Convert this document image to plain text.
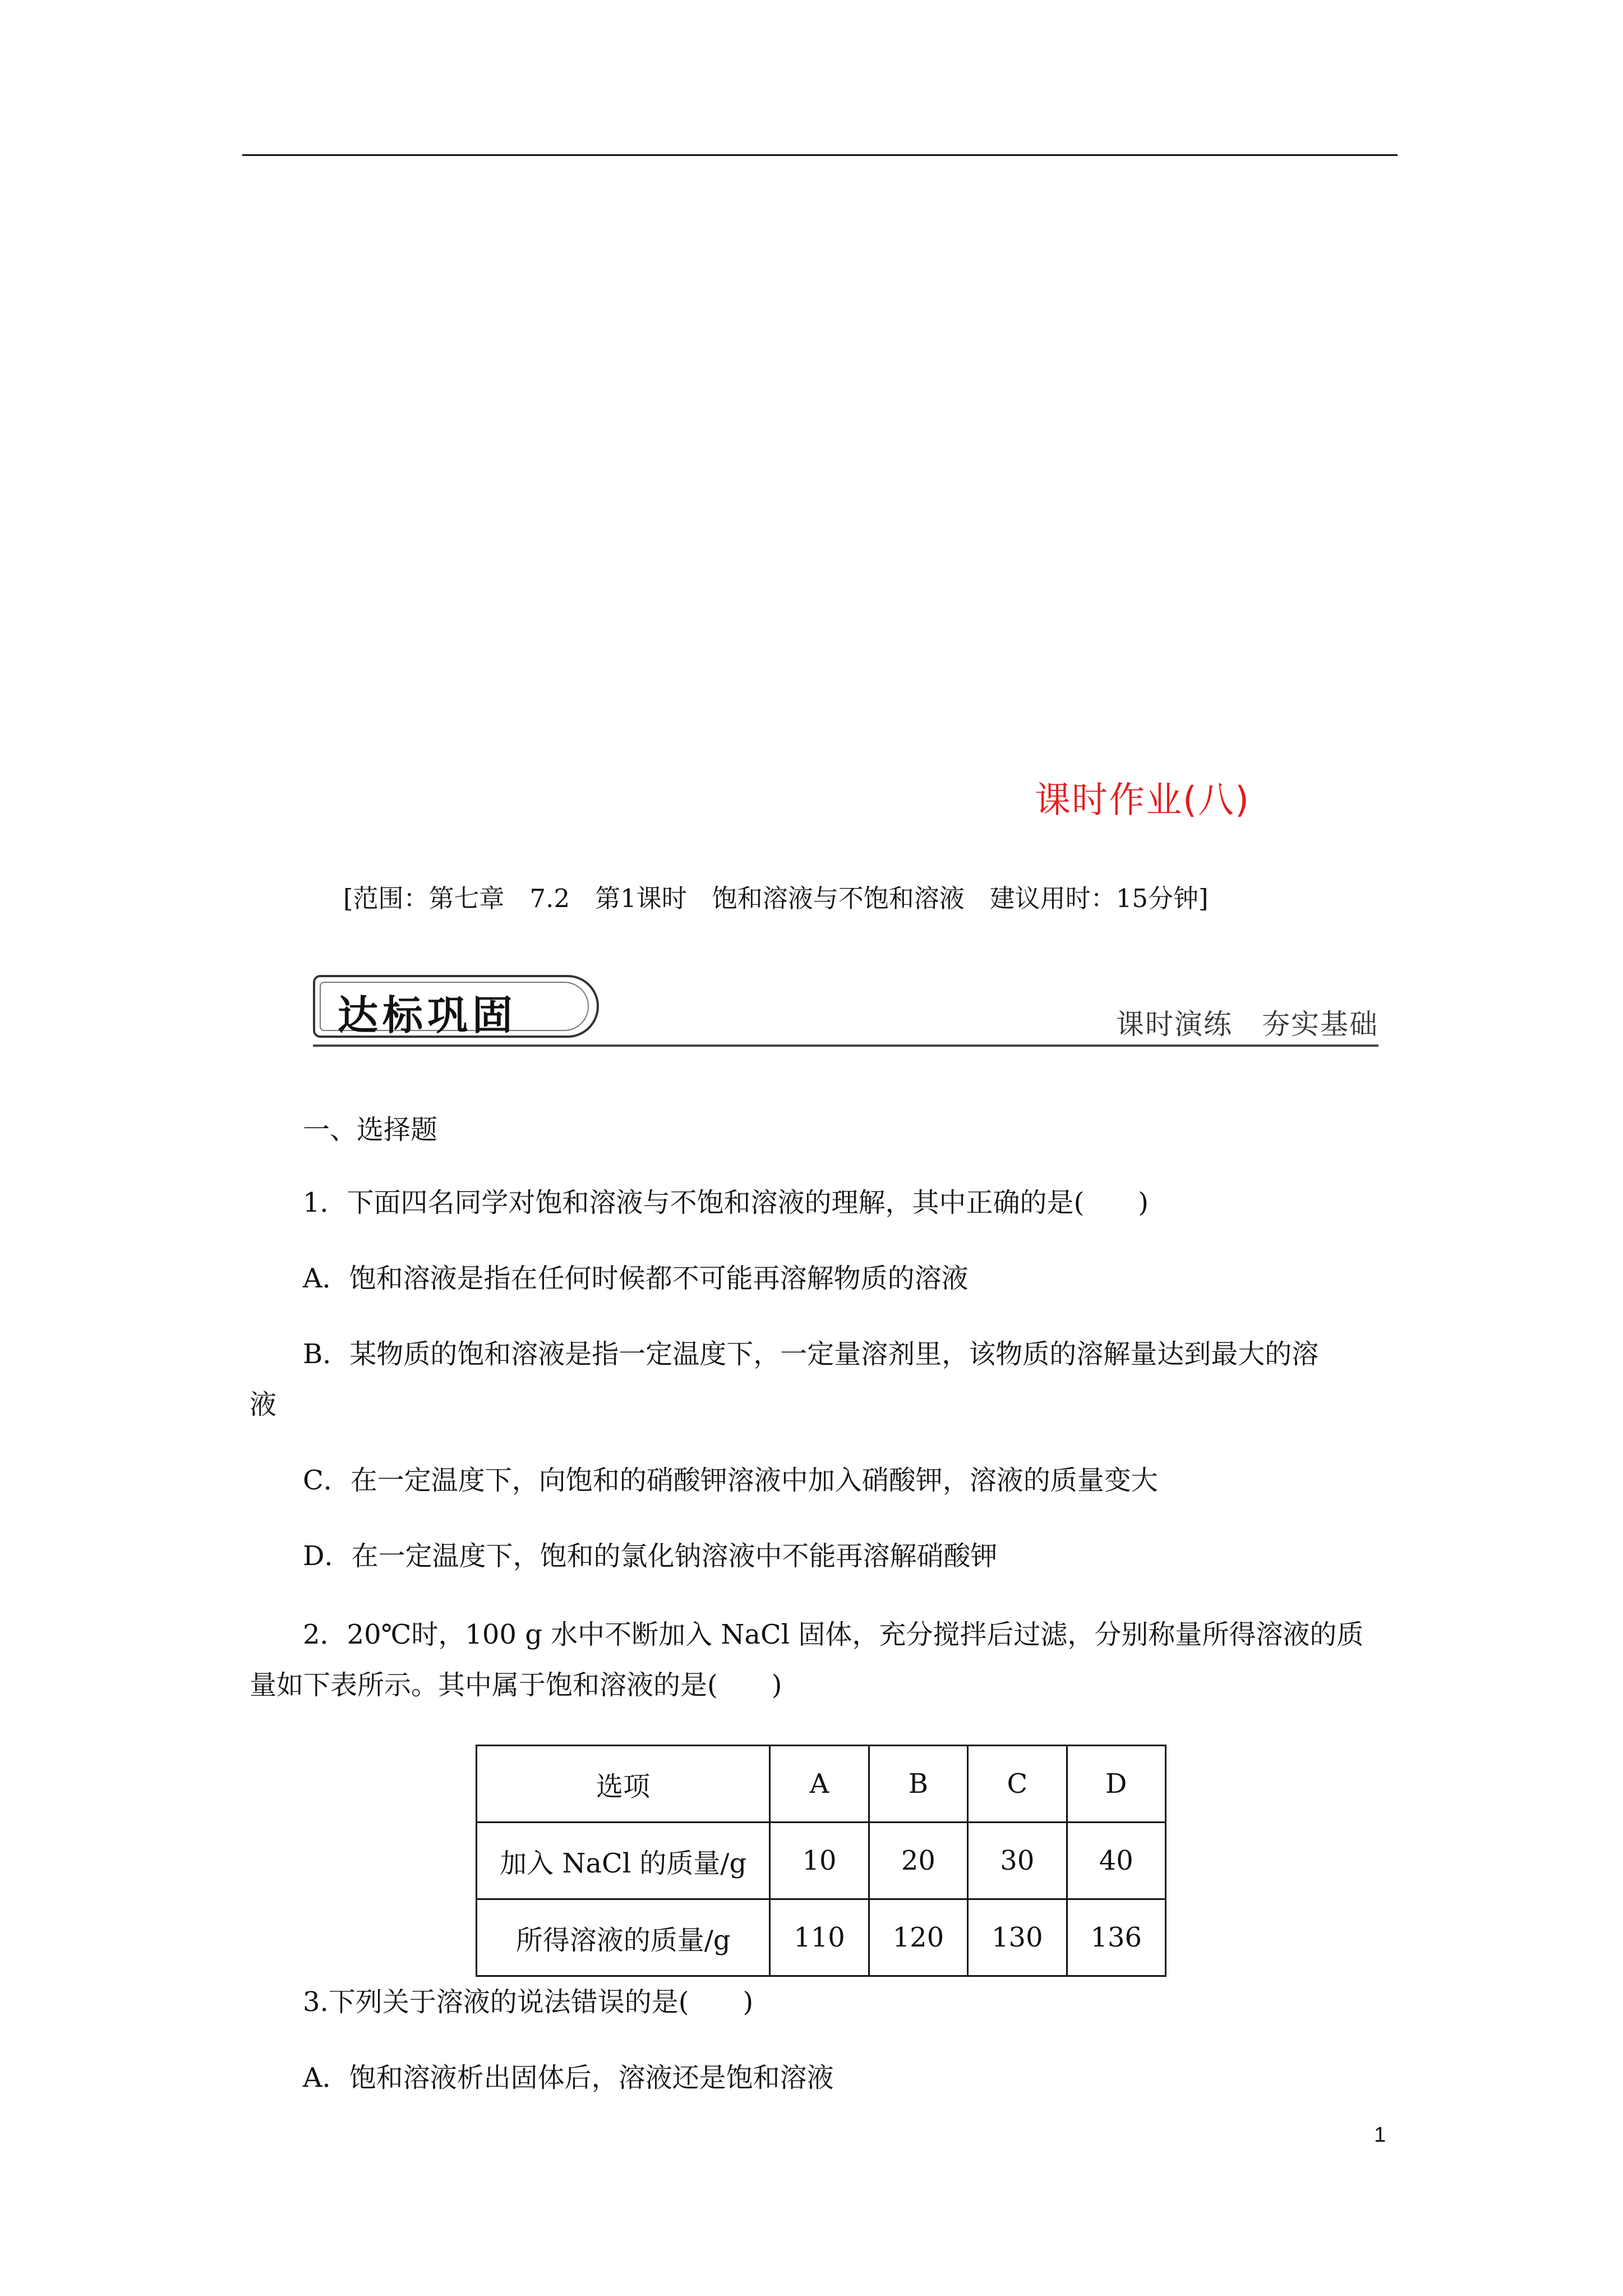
课时作业(八)
[范围：第七章　7.2　第1课时　饱和溶液与不饱和溶液　建议用时：15分钟]
达标巩固	课时演练　夯实基础
一、选择题
1．下面四名同学对饱和溶液与不饱和溶液的理解，其中正确的是(　　)
A．饱和溶液是指在任何时候都不可能再溶解物质的溶液
B．某物质的饱和溶液是指一定温度下，一定量溶剂里，该物质的溶解量达到最大的溶
液
C．在一定温度下，向饱和的硝酸钾溶液中加入硝酸钾，溶液的质量变大
D．在一定温度下，饱和的氯化钠溶液中不能再溶解硝酸钾
2．20℃时，100 g 水中不断加入 NaCl 固体，充分搅拌后过滤，分别称量所得溶液的质
量如下表所示。其中属于饱和溶液的是(　　)
选项	A	B	C	D
加入 NaCl 的质量/g	10	20	30	40
所得溶液的质量/g	110	120	130	136
3.下列关于溶液的说法错误的是(　　)
A．饱和溶液析出固体后，溶液还是饱和溶液
1
